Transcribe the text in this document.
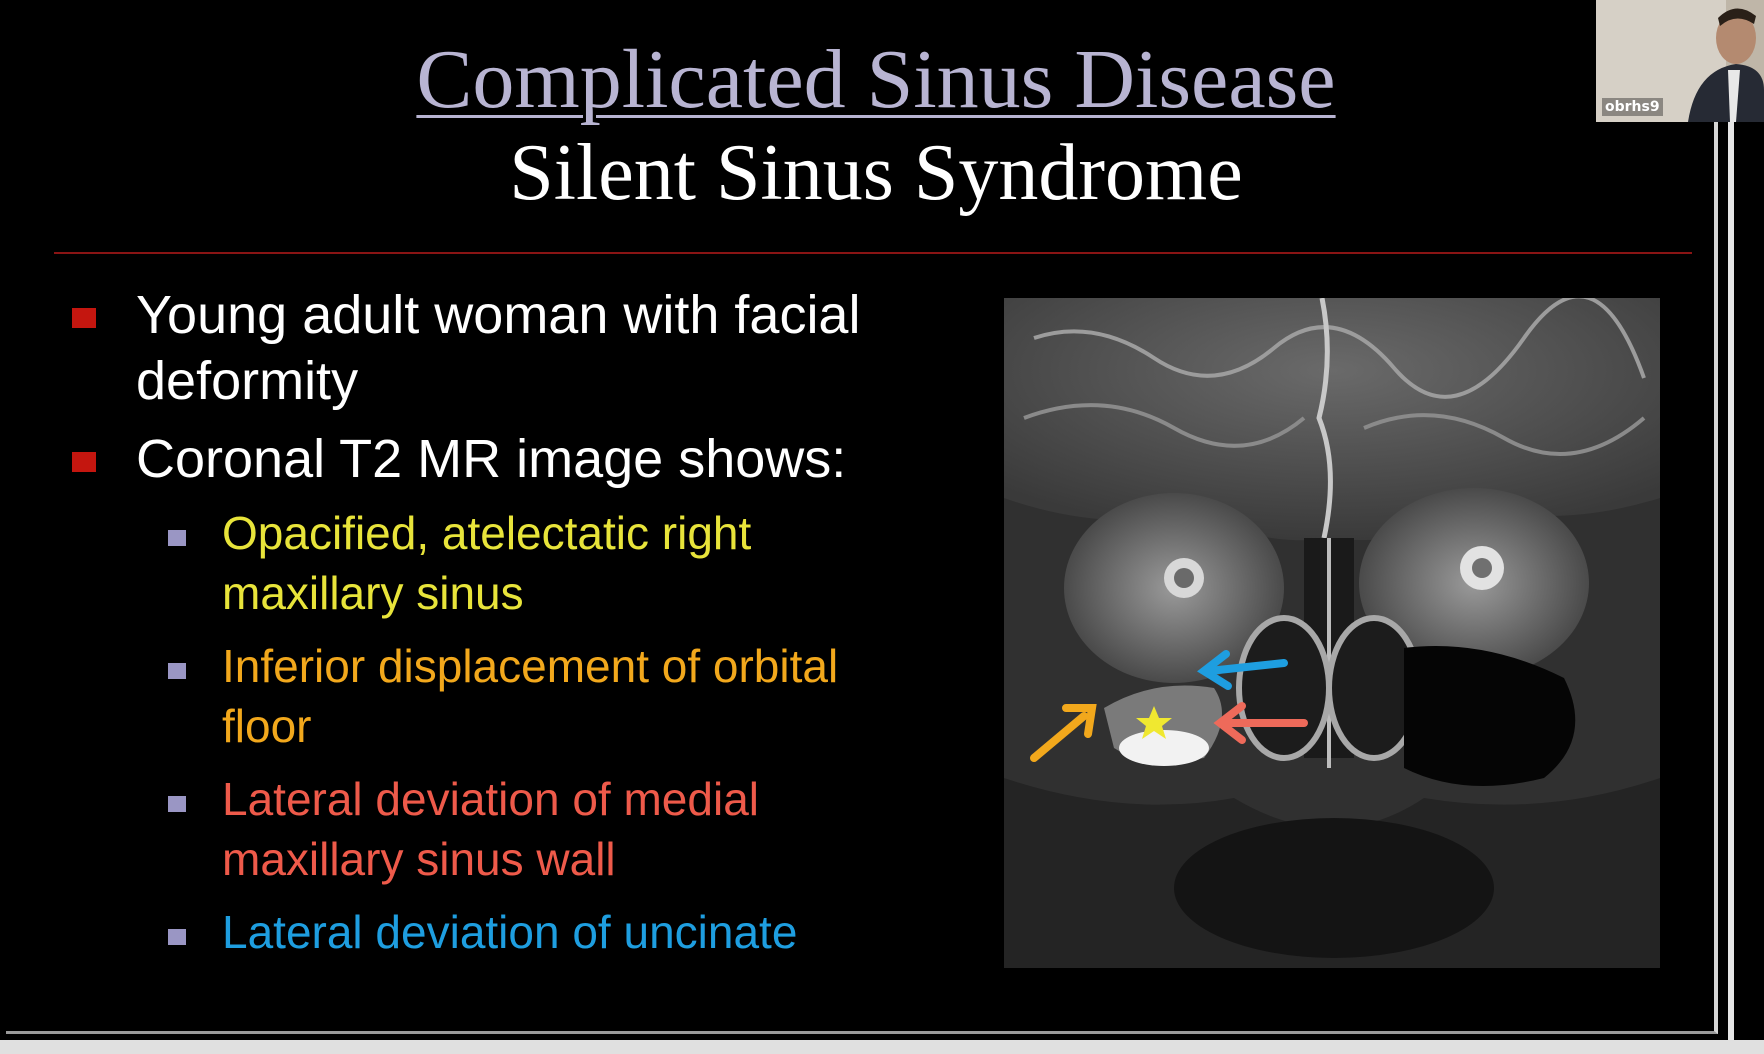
Complicated Sinus Disease
Silent Sinus Syndrome
Young adult woman with facial
deformity
Coronal T2 MR image shows:
Opacified, atelectatic right
maxillary sinus
Inferior displacement of orbital
floor
Lateral deviation of medial
maxillary sinus wall
Lateral deviation of uncinate
obrhs9
